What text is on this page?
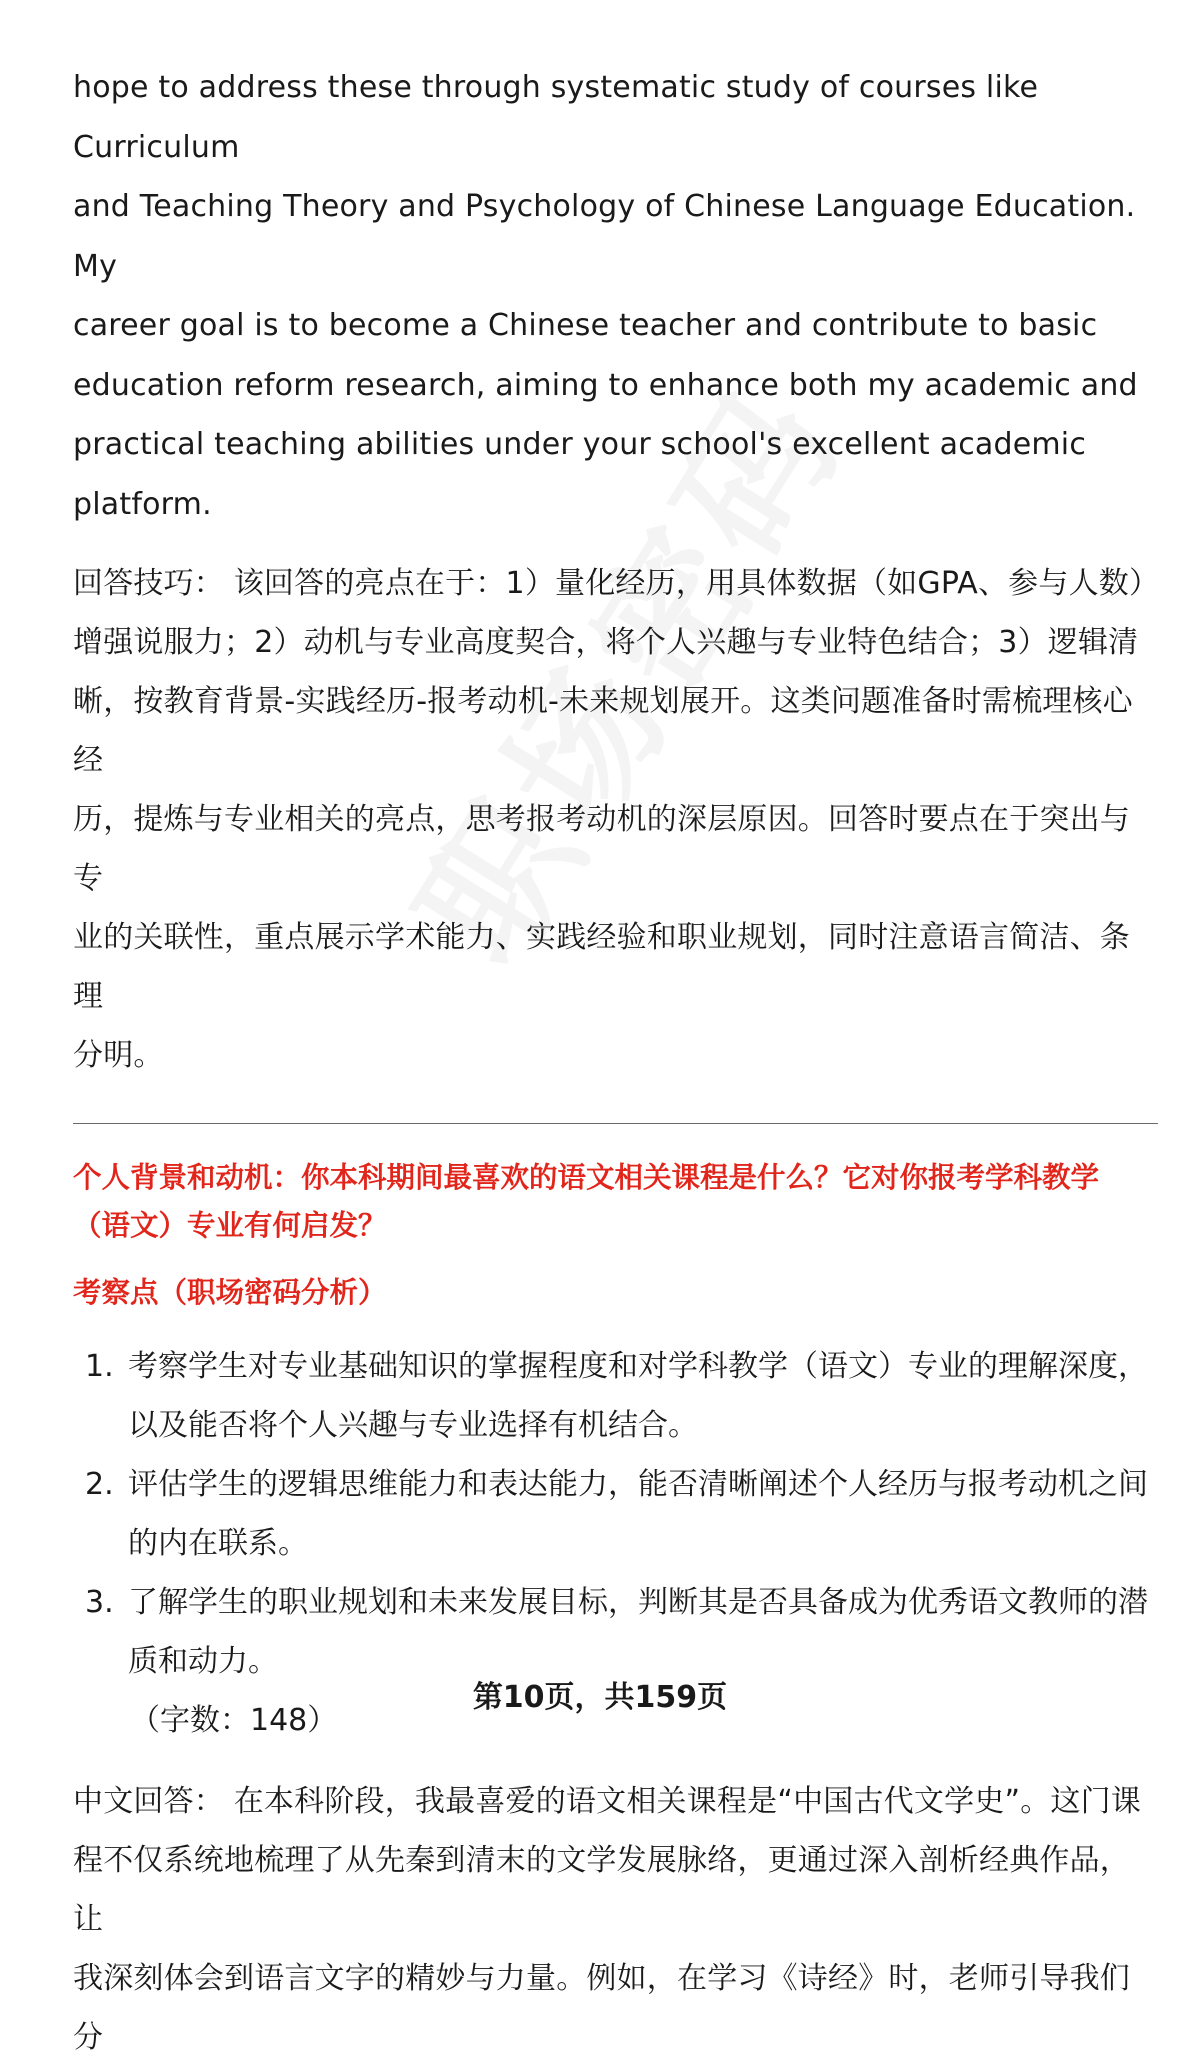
hope to address these through systematic study of courses like Curriculum
and Teaching Theory and Psychology of Chinese Language Education. My
career goal is to become a Chinese teacher and contribute to basic
education reform research, aiming to enhance both my academic and
practical teaching abilities under your school's excellent academic platform.
回答技巧： 该回答的亮点在于：1）量化经历，用具体数据（如GPA、参与人数）
增强说服力；2）动机与专业高度契合，将个人兴趣与专业特色结合；3）逻辑清
晰，按教育背景-实践经历-报考动机-未来规划展开。这类问题准备时需梳理核心经
历，提炼与专业相关的亮点，思考报考动机的深层原因。回答时要点在于突出与专
业的关联性，重点展示学术能力、实践经验和职业规划，同时注意语言简洁、条理
分明。
个人背景和动机：你本科期间最喜欢的语文相关课程是什么？它对你报考学科教学
（语文）专业有何启发？
考察点（职场密码分析）
1. 考察学生对专业基础知识的掌握程度和对学科教学（语文）专业的理解深度，
以及能否将个人兴趣与专业选择有机结合。
2. 评估学生的逻辑思维能力和表达能力，能否清晰阐述个人经历与报考动机之间
的内在联系。
3. 了解学生的职业规划和未来发展目标，判断其是否具备成为优秀语文教师的潜
质和动力。
（字数：148）
中文回答： 在本科阶段，我最喜爱的语文相关课程是“中国古代文学史”。这门课
程不仅系统地梳理了从先秦到清末的文学发展脉络，更通过深入剖析经典作品，让
我深刻体会到语言文字的精妙与力量。例如，在学习《诗经》时，老师引导我们分
第10页，共159页
